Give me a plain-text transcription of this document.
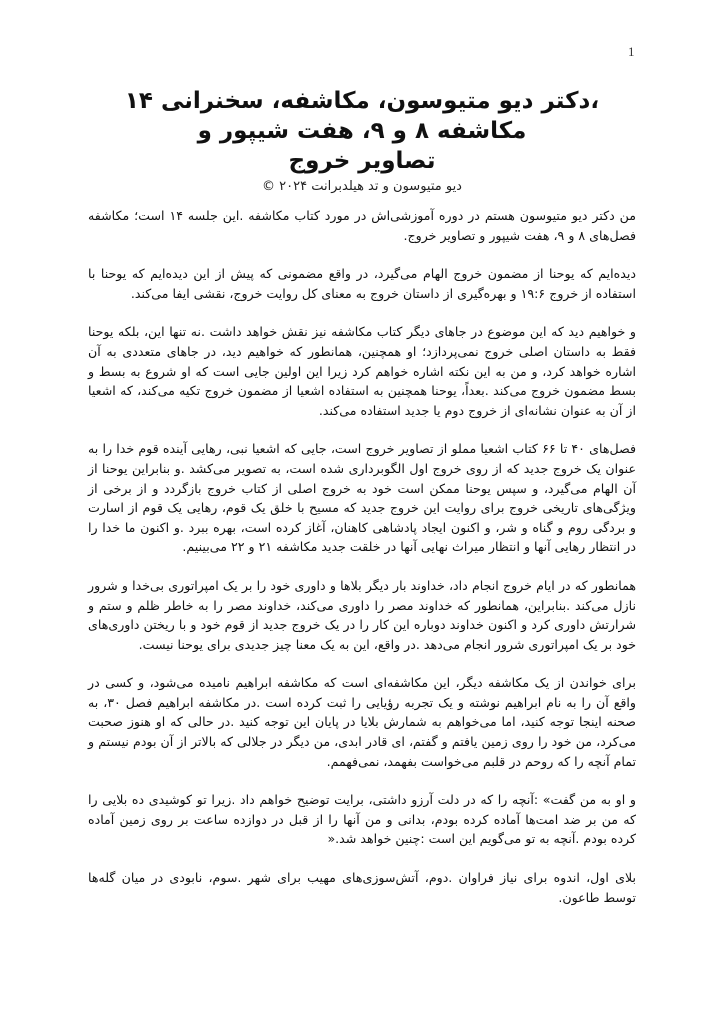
1
،دکتر دیو متیوسون، مکاشفه، سخنرانی ۱۴
مکاشفه ۸ و ۹، هفت شیپور و
تصاویر خروج
دیو متیوسون و تد هیلدبرانت ۲۰۲۴ ©

من دکتر دیو متیوسون هستم در دوره آموزشی‌اش در مورد کتاب مکاشفه .این جلسه ۱۴ است؛ مکاشفه فصل‌های ۸ و ۹، هفت شیپور و تصاویر خروج.

دیده‌ایم که یوحنا از مضمون خروج الهام می‌گیرد، در واقع مضمونی که پیش از این دیده‌ایم که یوحنا با استفاده از خروج ۱۹:۶ و بهره‌گیری از داستان خروج به معنای کل روایت خروج، نقشی ایفا می‌کند.

و خواهیم دید که این موضوع در جاهای دیگر کتاب مکاشفه نیز نقش خواهد داشت .نه تنها این، بلکه یوحنا فقط به داستان اصلی خروج نمی‌پردازد؛ او همچنین، همانطور که خواهیم دید، در جاهای متعددی به آن اشاره خواهد کرد، و من به این نکته اشاره خواهم کرد زیرا این اولین جایی است که او شروع به بسط و بسط مضمون خروج می‌کند .بعداً، یوحنا همچنین به استفاده اشعیا از مضمون خروج تکیه می‌کند، که اشعیا از آن به عنوان نشانه‌ای از خروج دوم یا جدید استفاده می‌کند.

فصل‌های ۴۰ تا ۶۶ کتاب اشعیا مملو از تصاویر خروج است، جایی که اشعیا نبی، رهایی آینده قوم خدا را به عنوان یک خروج جدید که از روی خروج اول الگوبرداری شده است، به تصویر می‌کشد .و بنابراین یوحنا از آن الهام می‌گیرد، و سپس یوحنا ممکن است خود به خروج اصلی از کتاب خروج بازگردد و از برخی از ویژگی‌های تاریخی خروج برای روایت این خروج جدید که مسیح با خلق یک قوم، رهایی یک قوم از اسارت و بردگی روم و گناه و شر، و اکنون ایجاد پادشاهی کاهنان، آغاز کرده است، بهره ببرد .و اکنون ما خدا را در انتظار رهایی آنها و انتظار میراث نهایی آنها در خلقت جدید مکاشفه ۲۱ و ۲۲ می‌بینیم.

همانطور که در ایام خروج انجام داد، خداوند بار دیگر بلاها و داوری خود را بر یک امپراتوری بی‌خدا و شرور نازل می‌کند .بنابراین، همانطور که خداوند مصر را داوری می‌کند، خداوند مصر را به خاطر ظلم و ستم و شرارتش داوری کرد و اکنون خداوند دوباره این کار را در یک خروج جدید از قوم خود و با ریختن داوری‌های خود بر یک امپراتوری شرور انجام می‌دهد .در واقع، این به یک معنا چیز جدیدی برای یوحنا نیست.

برای خواندن از یک مکاشفه دیگر، این مکاشفه‌ای است که مکاشفه ابراهیم نامیده می‌شود، و کسی در واقع آن را به نام ابراهیم نوشته و یک تجربه رؤیایی را ثبت کرده است .در مکاشفه ابراهیم فصل ۳۰، به صحنه اینجا توجه کنید، اما می‌خواهم به شمارش بلایا در پایان این توجه کنید .در حالی که او هنوز صحبت می‌کرد، من خود را روی زمین یافتم و گفتم، ای قادر ابدی، من دیگر در جلالی که بالاتر از آن بودم نیستم و تمام آنچه را که روحم در قلبم می‌خواست بفهمد، نمی‌فهمم.

و او به من گفت» :آنچه را که در دلت آرزو داشتی، برایت توضیح خواهم داد .زیرا تو کوشیدی ده بلایی را که من بر ضد امت‌ها آماده کرده بودم، بدانی و من آنها را از قبل در دوازده ساعت بر روی زمین آماده کرده بودم .آنچه به تو می‌گویم این است :چنین خواهد شد.«

بلای اول، اندوه برای نیاز فراوان .دوم، آتش‌سوزی‌های مهیب برای شهر .سوم، نابودی در میان گله‌ها توسط طاعون.
